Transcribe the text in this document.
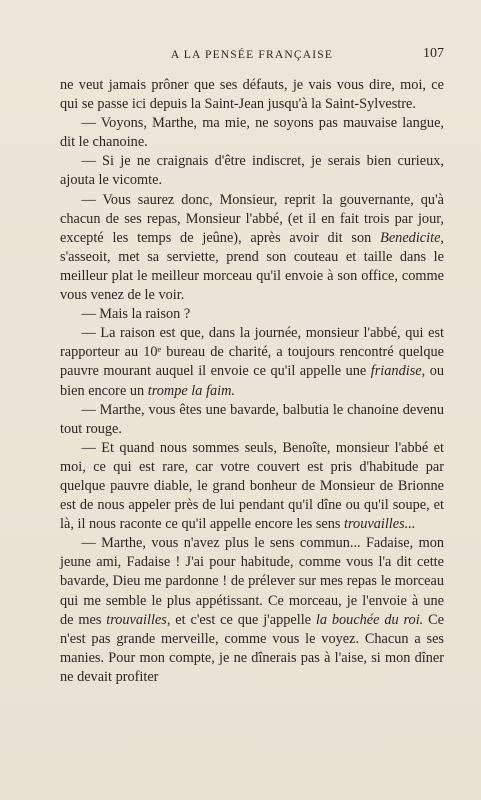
A LA PENSÉE FRANÇAISE	107

ne veut jamais prôner que ses défauts, je vais vous dire, moi, ce qui se passe ici depuis la Saint-Jean jusqu'à la Saint-Sylvestre.

— Voyons, Marthe, ma mie, ne soyons pas mauvaise langue, dit le chanoine.

— Si je ne craignais d'être indiscret, je serais bien curieux, ajouta le vicomte.

— Vous saurez donc, Monsieur, reprit la gouvernante, qu'à chacun de ses repas, Monsieur l'abbé, (et il en fait trois par jour, excepté les temps de jeûne), après avoir dit son Benedicite, s'asseoit, met sa serviette, prend son couteau et taille dans le meilleur plat le meilleur morceau qu'il envoie à son office, comme vous venez de le voir.

— Mais la raison ?

— La raison est que, dans la journée, monsieur l'abbé, qui est rapporteur au 10ᵉ bureau de charité, a toujours rencontré quelque pauvre mourant auquel il envoie ce qu'il appelle une friandise, ou bien encore un trompe la faim.

— Marthe, vous êtes une bavarde, balbutia le chanoine devenu tout rouge.

— Et quand nous sommes seuls, Benoîte, monsieur l'abbé et moi, ce qui est rare, car votre couvert est pris d'habitude par quelque pauvre diable, le grand bonheur de Monsieur de Brionne est de nous appeler près de lui pendant qu'il dîne ou qu'il soupe, et là, il nous raconte ce qu'il appelle encore les sens trouvailles...

— Marthe, vous n'avez plus le sens commun... Fadaise, mon jeune ami, Fadaise ! J'ai pour habitude, comme vous l'a dit cette bavarde, Dieu me pardonne ! de prélever sur mes repas le morceau qui me semble le plus appétissant. Ce morceau, je l'envoie à une de mes trouvailles, et c'est ce que j'appelle la bouchée du roi. Ce n'est pas grande merveille, comme vous le voyez. Chacun a ses manies. Pour mon compte, je ne dînerais pas à l'aise, si mon dîner ne devait profiter
